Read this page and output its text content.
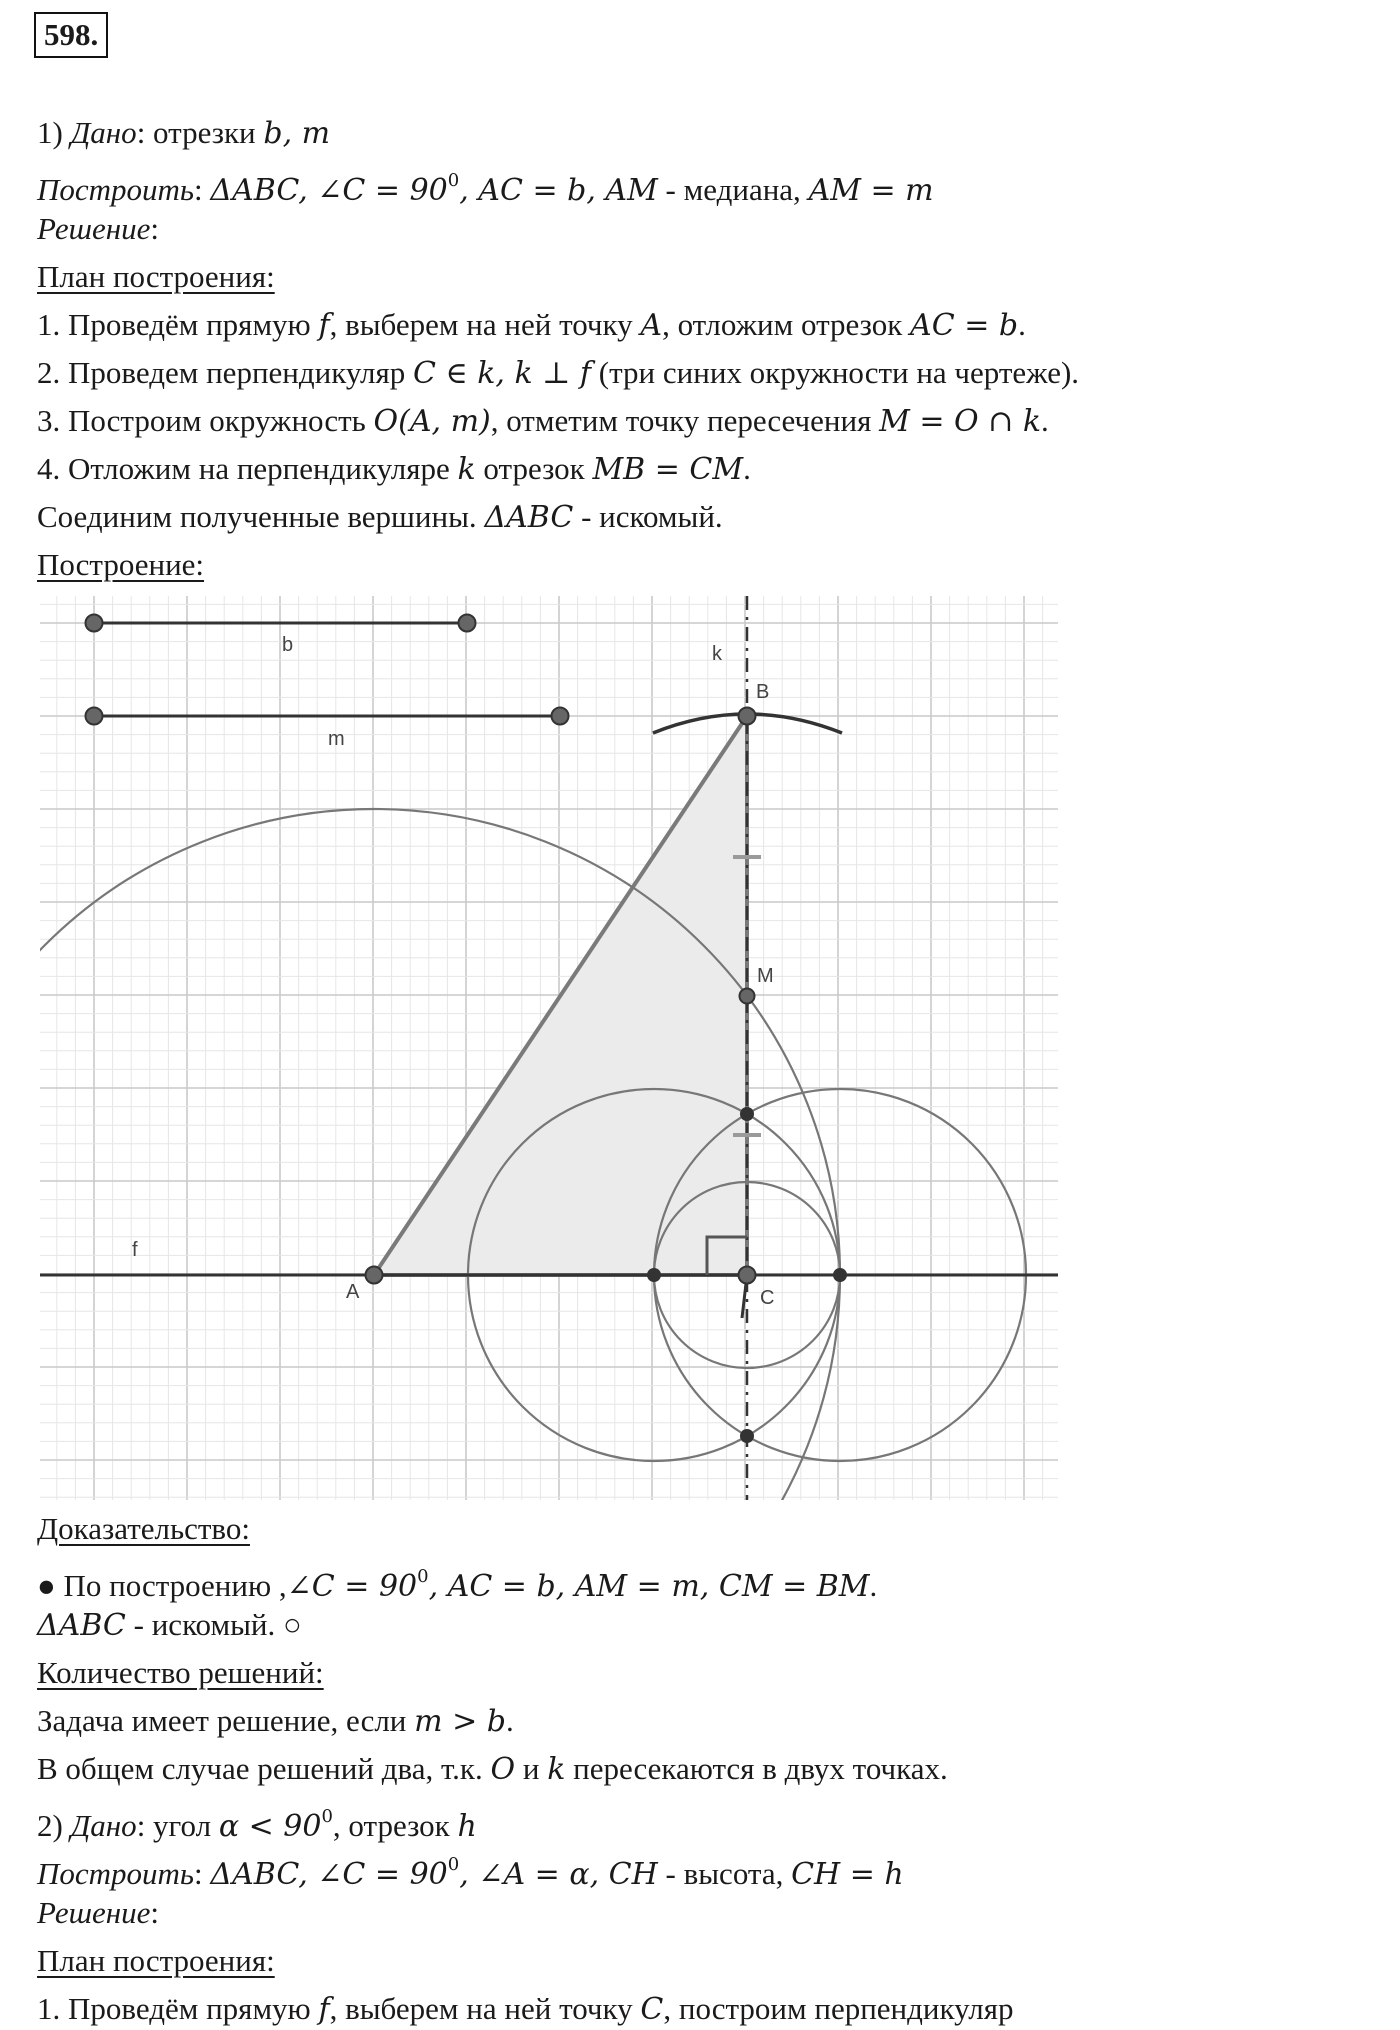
598.
1) Дано: отрезки b, m
Построить: ΔABC, ∠C = $90^0$, AC = b, AM - медиана, AM = m
Решение:
План построения:
1. Проведём прямую f, выберем на ней точку A, отложим отрезок AC = b.
2. Проведем перпендикуляр C ∈ k, k ⊥ f (три синих окружности на чертеже).
3. Построим окружность O(A, m), отметим точку пересечения M = O ∩ k.
4. Отложим на перпендикуляре k отрезок MB = CM.
Соединим полученные вершины. ΔABC - искомый.
Построение:
b
m
k
f
A
B
M
C
Доказательство:
● По построению ,∠C = $90^0$, AC = b, AM = m, CM = BM.
ΔABC - искомый. ○
Количество решений:
Задача имеет решение, если m > b.
В общем случае решений два, т.к. O и k пересекаются в двух точках.
2) Дано: угол $\alpha < 90^0$, отрезок h
Построить: ΔABC, ∠C = $90^0$, ∠A = α, CH - высота, CH = h
Решение:
План построения:
1. Проведём прямую f, выберем на ней точку C, построим перпендикуляр
